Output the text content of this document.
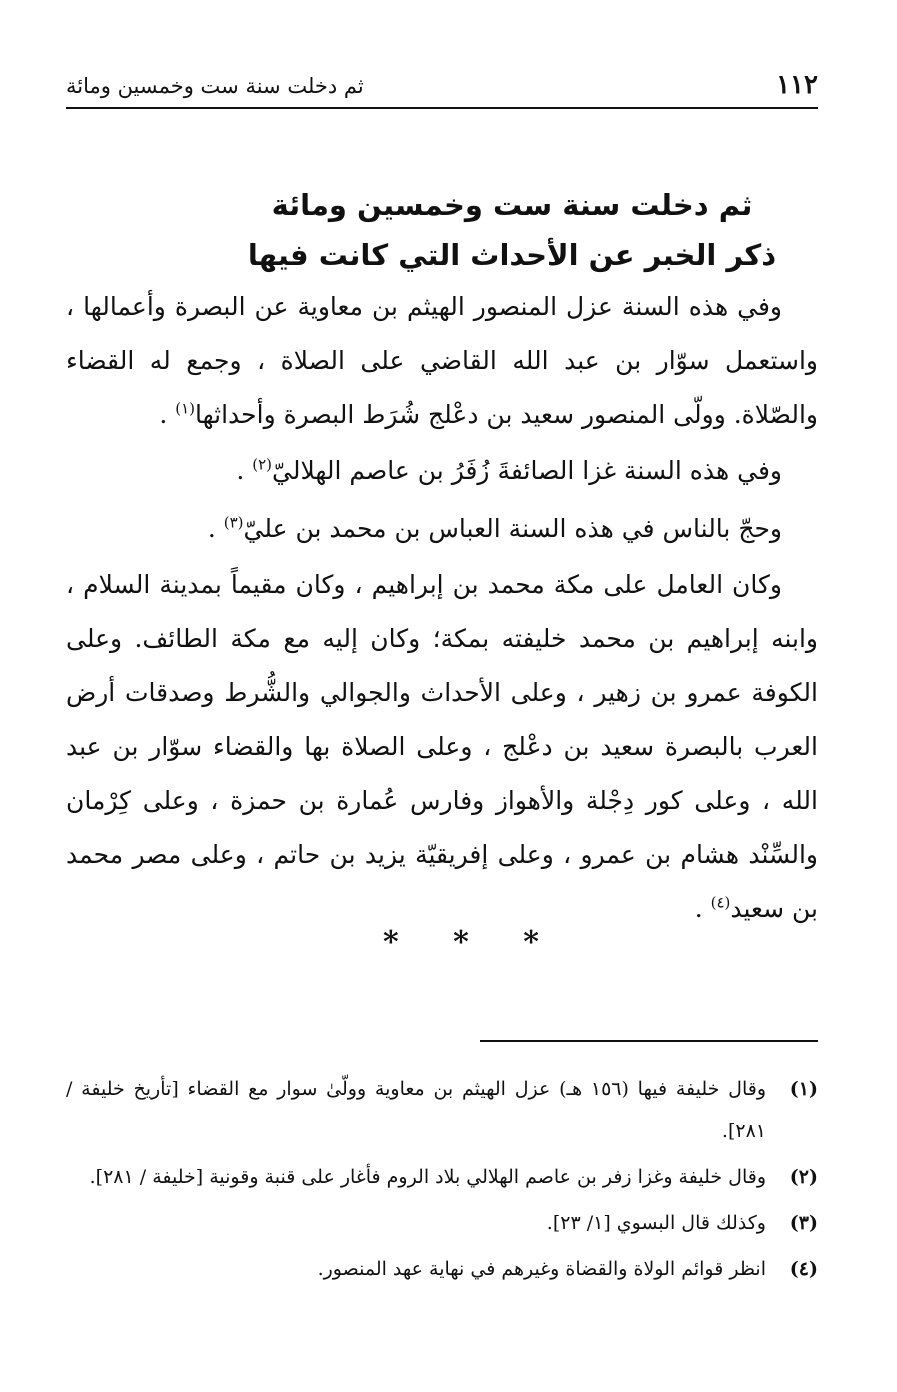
١١٢
ثم دخلت سنة ست وخمسين ومائة
ثم دخلت سنة ست وخمسين ومائة
ذكر الخبر عن الأحداث التي كانت فيها

وفي هذه السنة عزل المنصور الهيثم بن معاوية عن البصرة وأعمالها ، واستعمل سوّار بن عبد الله القاضي على الصلاة ، وجمع له القضاء والصّلاة. وولّى المنصور سعيد بن دعْلج شُرَط البصرة وأحداثها$^{(١)}$ .

وفي هذه السنة غزا الصائفةَ زُفَرُ بن عاصم الهلاليّ$^{(٢)}$ .

وحجّ بالناس في هذه السنة العباس بن محمد بن عليّ$^{(٣)}$ .

وكان العامل على مكة محمد بن إبراهيم ، وكان مقيماً بمدينة السلام ، وابنه إبراهيم بن محمد خليفته بمكة؛ وكان إليه مع مكة الطائف. وعلى الكوفة عمرو بن زهير ، وعلى الأحداث والجوالي والشُّرط وصدقات أرض العرب بالبصرة سعيد بن دعْلج ، وعلى الصلاة بها والقضاء سوّار بن عبد الله ، وعلى كور دِجْلة والأهواز وفارس عُمارة بن حمزة ، وعلى كِرْمان والسِّنْد هشام بن عمرو ، وعلى إفريقيّة يزيد بن حاتم ، وعلى مصر محمد بن سعيد$^{(٤)}$ .

* * *
(١)
وقال خليفة فيها (١٥٦ هـ) عزل الهيثم بن معاوية وولّىٰ سوار مع القضاء [تأريخ خليفة / ٢٨١].
(٢)
وقال خليفة وغزا زفر بن عاصم الهلالي بلاد الروم فأغار على قنبة وقونية [خليفة / ٢٨١].
(٣)
وكذلك قال البسوي [١/ ٢٣].
(٤)
انظر قوائم الولاة والقضاة وغيرهم في نهاية عهد المنصور.
